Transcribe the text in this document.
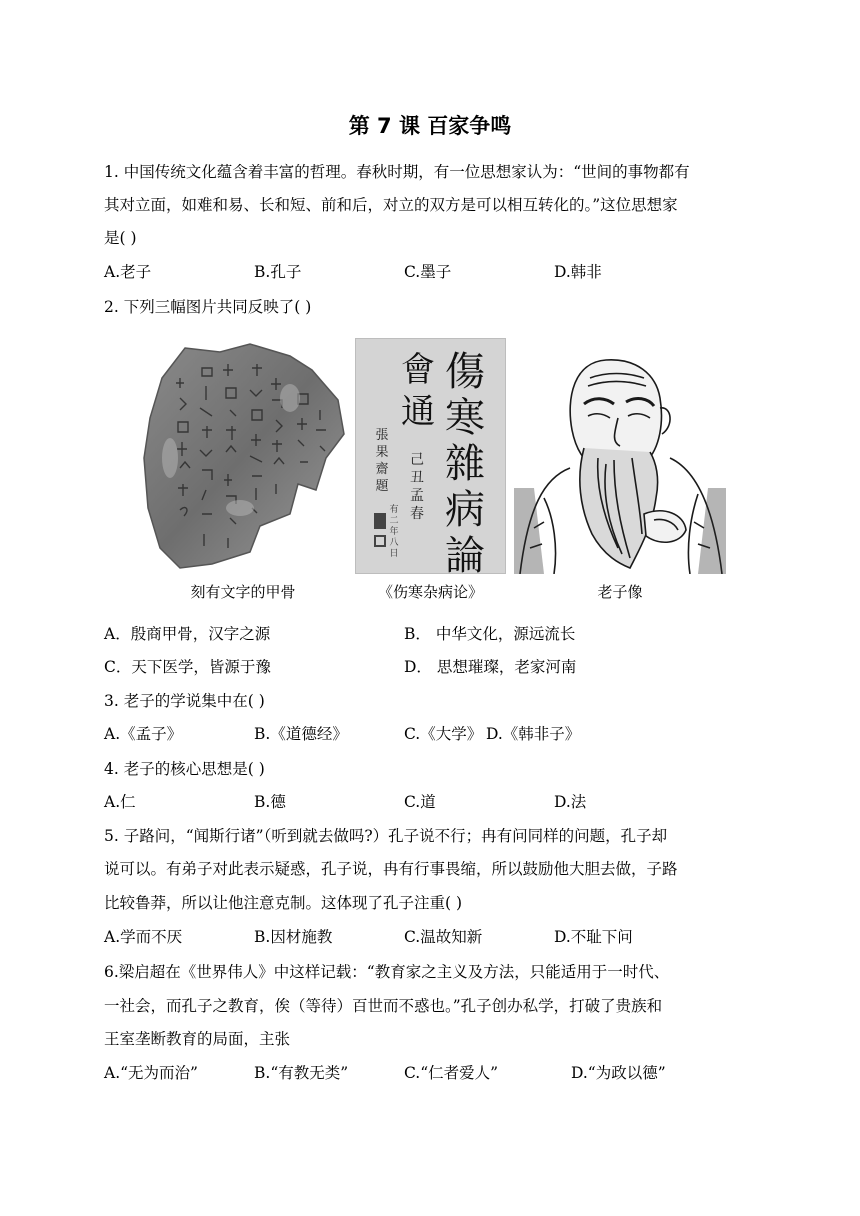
第 7 课 百家争鸣
1. 中国传统文化蕴含着丰富的哲理。春秋时期，有一位思想家认为：“世间的事物都有
其对立面，如难和易、长和短、前和后，对立的双方是可以相互转化的。”这位思想家
是( )
A.老子	B.孔子	C.墨子	D.韩非
2. 下列三幅图片共同反映了( )
傷
寒
雜
病
論
會
通
己
丑
孟
春
張
果
齋
題
有
二
年
八
日
刻有文字的甲骨	《伤寒杂病论》	老子像
A．殷商甲骨，汉字之源	B． 中华文化，源远流长
C．天下医学，皆源于豫	D． 思想璀璨，老家河南
3. 老子的学说集中在( )
A.《孟子》	B.《道德经》	C.《大学》 D.《韩非子》
4. 老子的核心思想是( )
A.仁	B.德	C.道	D.法
5. 子路问，“闻斯行诸”（听到就去做吗?）孔子说不行；冉有问同样的问题，孔子却
说可以。有弟子对此表示疑惑，孔子说，冉有行事畏缩，所以鼓励他大胆去做，子路
比较鲁莽，所以让他注意克制。这体现了孔子注重( )
A.学而不厌	B.因材施教	C.温故知新	D.不耻下问
6.梁启超在《世界伟人》中这样记载：“教育家之主义及方法，只能适用于一时代、
一社会，而孔子之教育，俟（等待）百世而不惑也。”孔子创办私学，打破了贵族和
王室垄断教育的局面，主张
A.“无为而治”	B.“有教无类”	C.“仁者爱人”	D.“为政以德”
